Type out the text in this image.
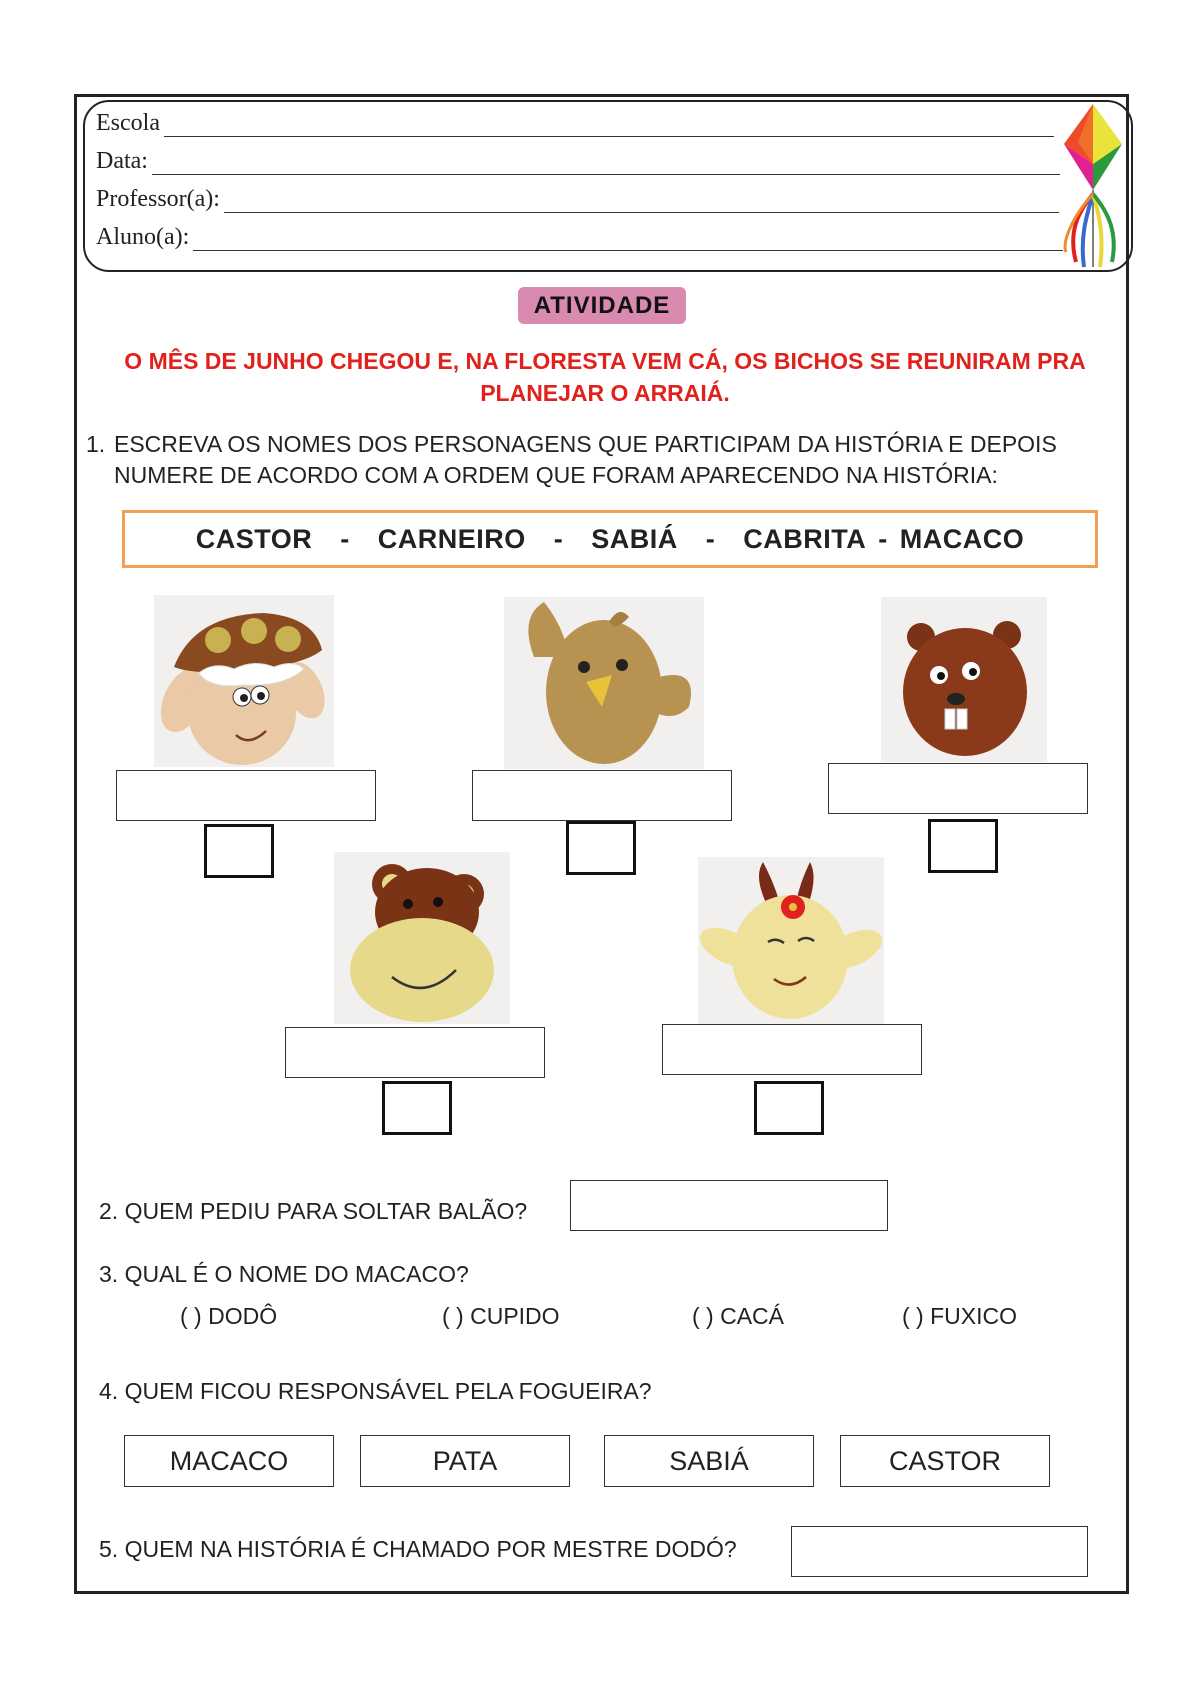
Escola
Data:
Professor(a):
Aluno(a):
ATIVIDADE
O MÊS DE JUNHO CHEGOU E, NA FLORESTA VEM CÁ, OS BICHOS SE REUNIRAM PRA PLANEJAR O ARRAIÁ.
1. ESCREVA OS NOMES DOS PERSONAGENS QUE PARTICIPAM DA HISTÓRIA E DEPOIS NUMERE DE ACORDO COM A ORDEM QUE FORAM APARECENDO NA HISTÓRIA:
CASTOR - CARNEIRO - SABIÁ - CABRITA - MACACO
2. QUEM PEDIU PARA SOLTAR BALÃO?
3. QUAL É O NOME DO MACACO?
( ) DODÔ	( ) CUPIDO	( ) CACÁ	( ) FUXICO
4. QUEM FICOU RESPONSÁVEL PELA FOGUEIRA?
MACACO	PATA	SABIÁ	CASTOR
5. QUEM NA HISTÓRIA É CHAMADO POR MESTRE DODÓ?
